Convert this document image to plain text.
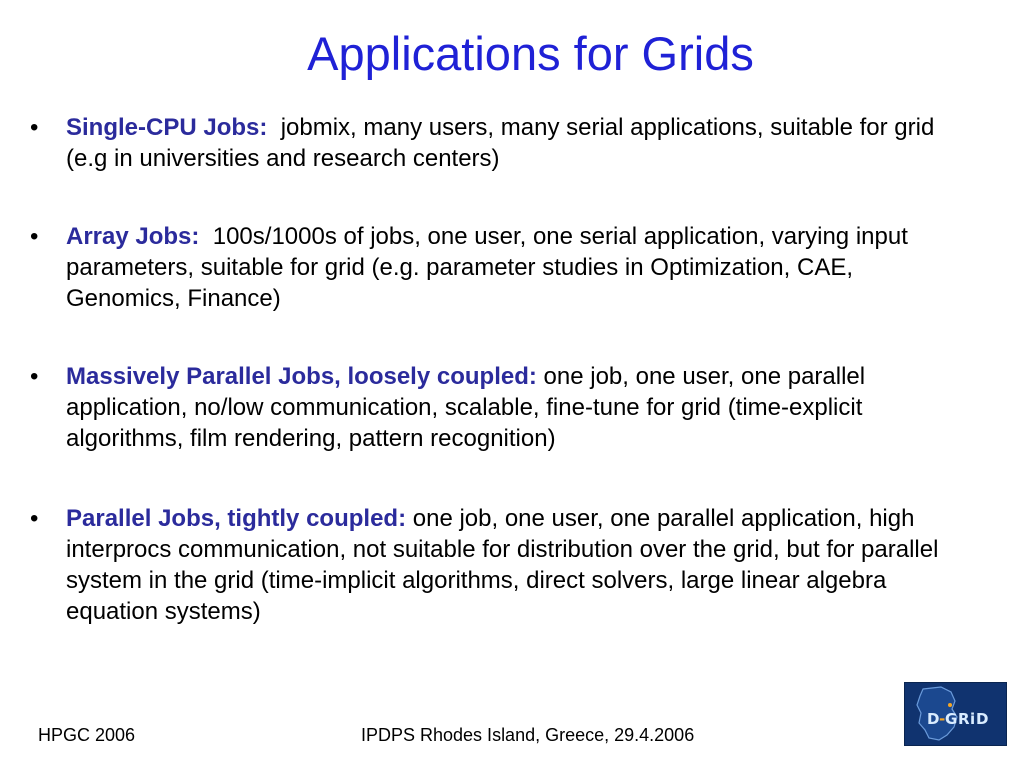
Applications for Grids
• Single-CPU Jobs: jobmix, many users, many serial applications, suitable for grid (e.g in universities and research centers)
• Array Jobs: 100s/1000s of jobs, one user, one serial application, varying input parameters, suitable for grid (e.g. parameter studies in Optimization, CAE, Genomics, Finance)
• Massively Parallel Jobs, loosely coupled: one job, one user, one parallel application, no/low communication, scalable, fine-tune for grid (time-explicit algorithms, film rendering, pattern recognition)
• Parallel Jobs, tightly coupled: one job, one user, one parallel application, high interprocs communication, not suitable for distribution over the grid, but for parallel system in the grid (time-implicit algorithms, direct solvers, large linear algebra equation systems)
HPGC 2006	IPDPS Rhodes Island, Greece, 29.4.2006
D - G R i D
